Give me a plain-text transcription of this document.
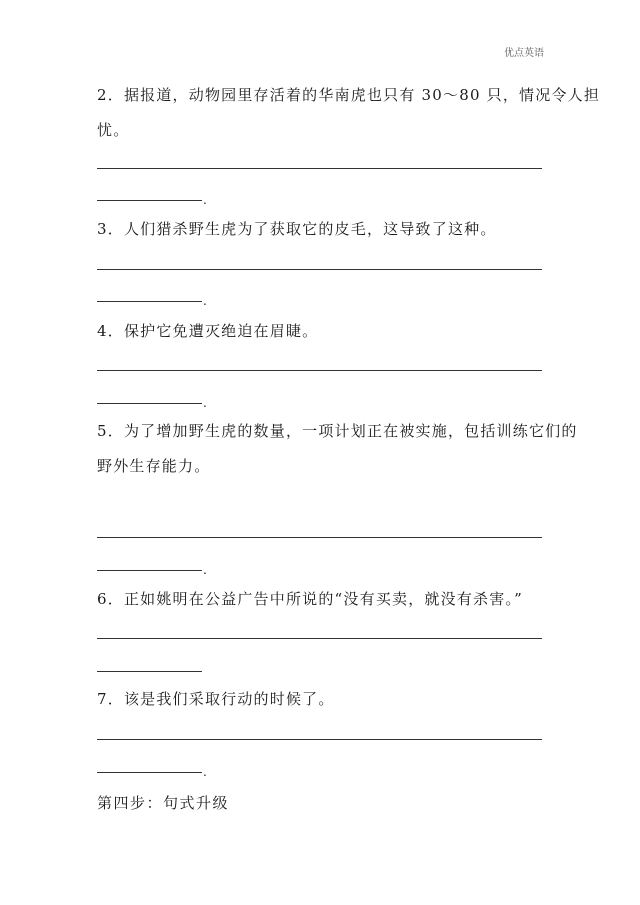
优点英语
2．据报道，动物园里存活着的华南虎也只有 30～80 只，情况令人担
忧。
.
3．人们猎杀野生虎为了获取它的皮毛，这导致了这种。
.
4．保护它免遭灭绝迫在眉睫。
.
5．为了增加野生虎的数量，一项计划正在被实施，包括训练它们的
野外生存能力。
.
6．正如姚明在公益广告中所说的“没有买卖，就没有杀害。”
7．该是我们采取行动的时候了。
.
第四步：句式升级
